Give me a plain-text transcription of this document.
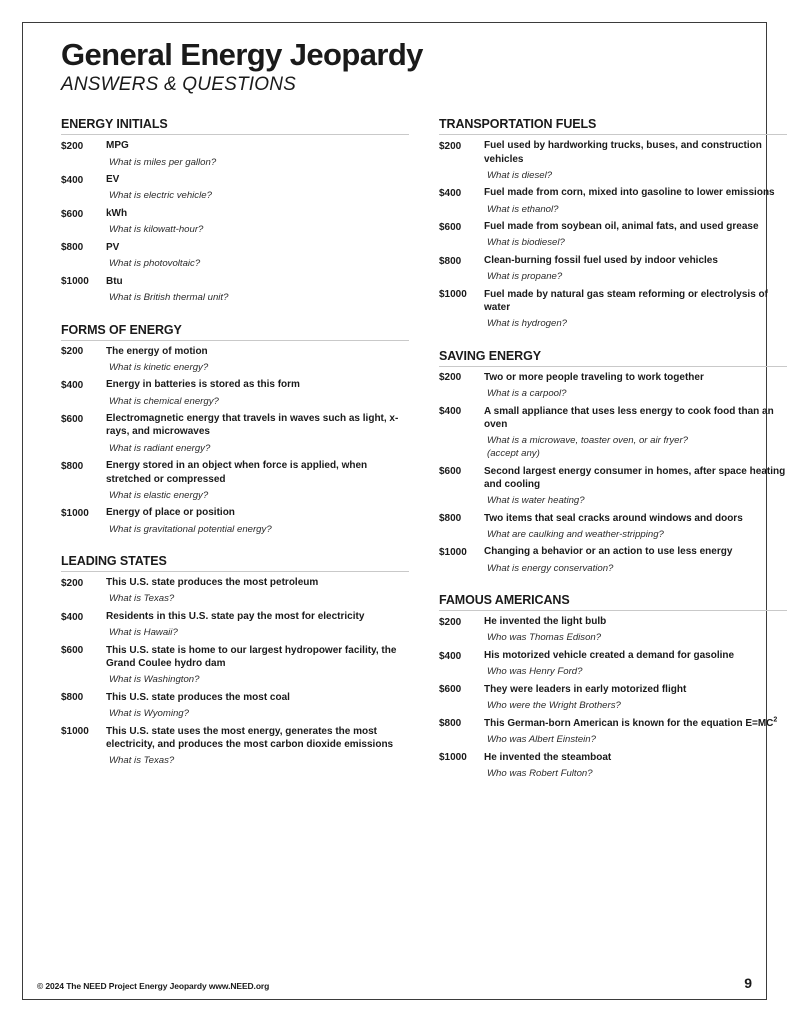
General Energy Jeopardy
ANSWERS & QUESTIONS
ENERGY INITIALS
$200	MPG
What is miles per gallon?
$400	EV
What is electric vehicle?
$600	kWh
What is kilowatt-hour?
$800	PV
What is photovoltaic?
$1000	Btu
What is British thermal unit?
FORMS OF ENERGY
$200	The energy of motion
What is kinetic energy?
$400	Energy in batteries is stored as this form
What is chemical energy?
$600	Electromagnetic energy that travels in waves such as light, x-rays, and microwaves
What is radiant energy?
$800	Energy stored in an object when force is applied, when stretched or compressed
What is elastic energy?
$1000	Energy of place or position
What is gravitational potential energy?
LEADING STATES
$200	This U.S. state produces the most petroleum
What is Texas?
$400	Residents in this U.S. state pay the most for electricity
What is Hawaii?
$600	This U.S. state is home to our largest hydropower facility, the Grand Coulee hydro dam
What is Washington?
$800	This U.S. state produces the most coal
What is Wyoming?
$1000	This U.S. state uses the most energy, generates the most electricity, and produces the most carbon dioxide emissions
What is Texas?
TRANSPORTATION FUELS
$200	Fuel used by hardworking trucks, buses, and construction vehicles
What is diesel?
$400	Fuel made from corn, mixed into gasoline to lower emissions
What is ethanol?
$600	Fuel made from soybean oil, animal fats, and used grease
What is biodiesel?
$800	Clean-burning fossil fuel used by indoor vehicles
What is propane?
$1000	Fuel made by natural gas steam reforming or electrolysis of water
What is hydrogen?
SAVING ENERGY
$200	Two or more people traveling to work together
What is a carpool?
$400	A small appliance that uses less energy to cook food than an oven
What is a microwave, toaster oven, or air fryer?
(accept any)
$600	Second largest energy consumer in homes, after space heating and cooling
What is water heating?
$800	Two items that seal cracks around windows and doors
What are caulking and weather-stripping?
$1000	Changing a behavior or an action to use less energy
What is energy conservation?
FAMOUS AMERICANS
$200	He invented the light bulb
Who was Thomas Edison?
$400	His motorized vehicle created a demand for gasoline
Who was Henry Ford?
$600	They were leaders in early motorized flight
Who were the Wright Brothers?
$800	This German-born American is known for the equation $E=MC^2$
Who was Albert Einstein?
$1000	He invented the steamboat
Who was Robert Fulton?
© 2024 The NEED Project Energy Jeopardy www.NEED.org	9
